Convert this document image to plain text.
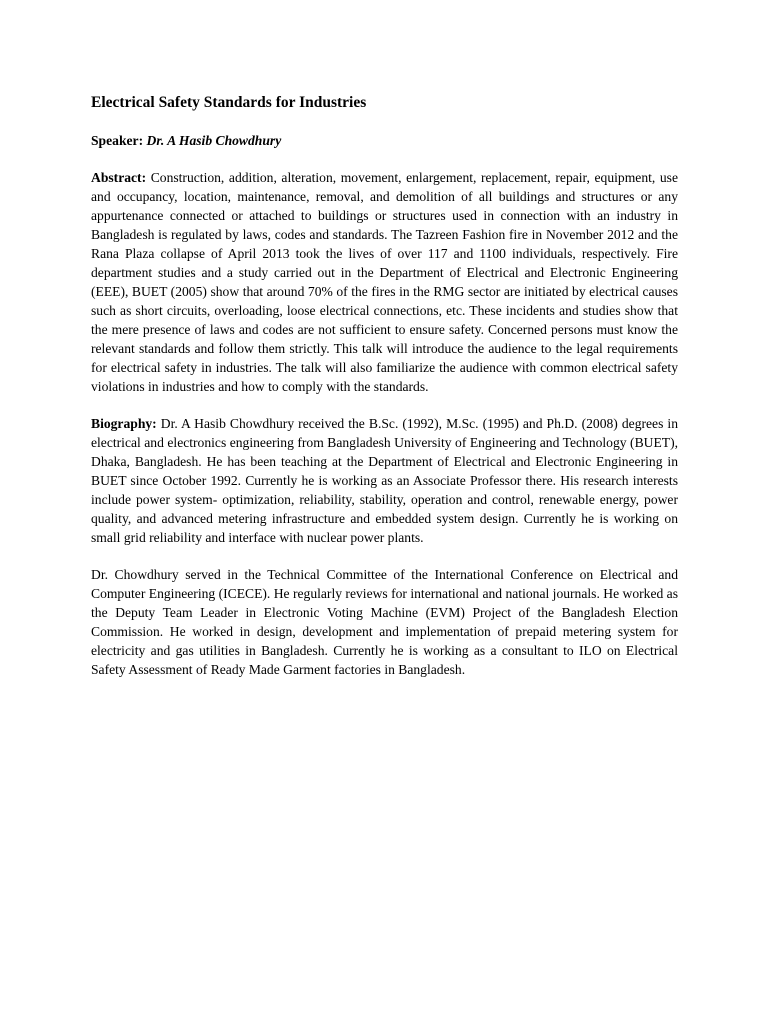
Electrical Safety Standards for Industries
Speaker: Dr. A Hasib Chowdhury

Abstract: Construction, addition, alteration, movement, enlargement, replacement, repair, equipment, use and occupancy, location, maintenance, removal, and demolition of all buildings and structures or any appurtenance connected or attached to buildings or structures used in connection with an industry in Bangladesh is regulated by laws, codes and standards. The Tazreen Fashion fire in November 2012 and the Rana Plaza collapse of April 2013 took the lives of over 117 and 1100 individuals, respectively. Fire department studies and a study carried out in the Department of Electrical and Electronic Engineering (EEE), BUET (2005) show that around 70% of the fires in the RMG sector are initiated by electrical causes such as short circuits, overloading, loose electrical connections, etc. These incidents and studies show that the mere presence of laws and codes are not sufficient to ensure safety. Concerned persons must know the relevant standards and follow them strictly. This talk will introduce the audience to the legal requirements for electrical safety in industries. The talk will also familiarize the audience with common electrical safety violations in industries and how to comply with the standards.

Biography: Dr. A Hasib Chowdhury received the B.Sc. (1992), M.Sc. (1995) and Ph.D. (2008) degrees in electrical and electronics engineering from Bangladesh University of Engineering and Technology (BUET), Dhaka, Bangladesh. He has been teaching at the Department of Electrical and Electronic Engineering in BUET since October 1992. Currently he is working as an Associate Professor there. His research interests include power system- optimization, reliability, stability, operation and control, renewable energy, power quality, and advanced metering infrastructure and embedded system design. Currently he is working on small grid reliability and interface with nuclear power plants.

Dr. Chowdhury served in the Technical Committee of the International Conference on Electrical and Computer Engineering (ICECE). He regularly reviews for international and national journals. He worked as the Deputy Team Leader in Electronic Voting Machine (EVM) Project of the Bangladesh Election Commission. He worked in design, development and implementation of prepaid metering system for electricity and gas utilities in Bangladesh. Currently he is working as a consultant to ILO on Electrical Safety Assessment of Ready Made Garment factories in Bangladesh.
